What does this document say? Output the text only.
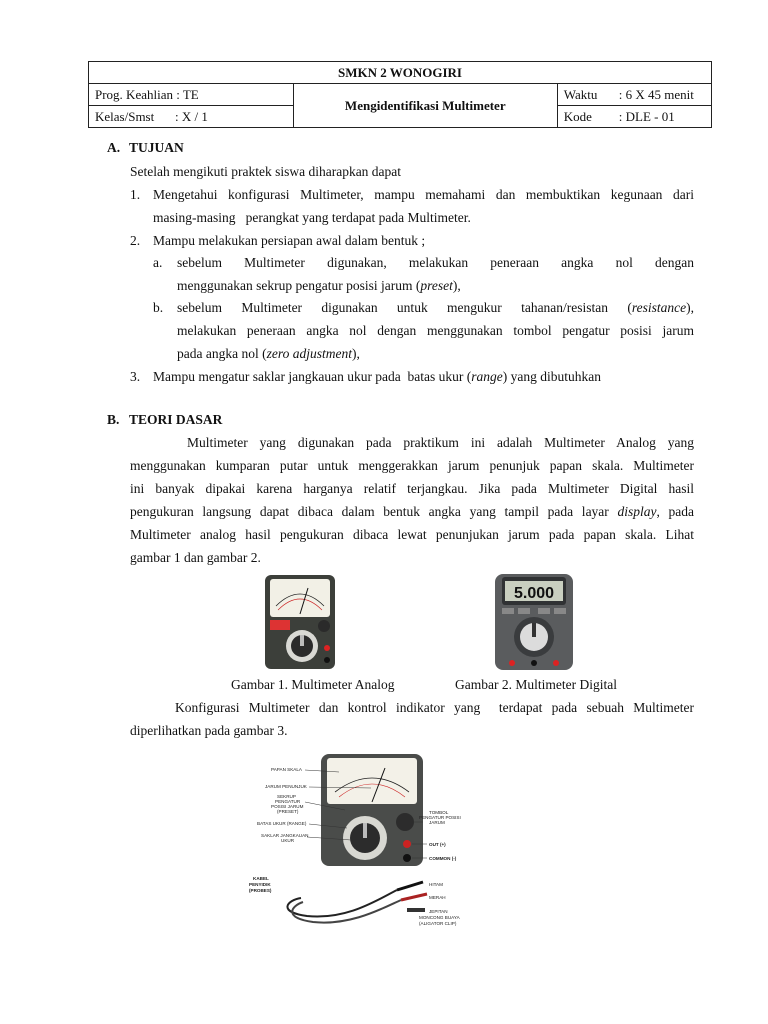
SMKN 2 WONOGIRI		
Prog. Keahlian : TE	Mengidentifikasi Multimeter	Waktu : 6 X 45 menit

Kelas/Smst : X / 1		Kode : DLE - 01
A. TUJUAN
Setelah mengikuti praktek siswa diharapkan dapat
1. Mengetahui konfigurasi Multimeter, mampu memahami dan membuktikan kegunaan dari
masing-masing   perangkat yang terdapat pada Multimeter.
2. Mampu melakukan persiapan awal dalam bentuk ;
a. sebelum Multimeter digunakan, melakukan peneraan angka nol dengan
menggunakan sekrup pengatur posisi jarum (preset),
b. sebelum Multimeter digunakan untuk mengukur tahanan/resistan (resistance),
melakukan peneraan angka nol dengan menggunakan tombol pengatur posisi jarum
pada angka nol (zero adjustment),
3. Mampu mengatur saklar jangkauan ukur pada  batas ukur (range) yang dibutuhkan
B. TEORI DASAR
Multimeter yang digunakan pada praktikum ini adalah Multimeter Analog yang
menggunakan kumparan putar untuk menggerakkan jarum penunjuk papan skala. Multimeter
ini banyak dipakai karena harganya relatif terjangkau. Jika pada Multimeter Digital hasil
pengukuran langsung dapat dibaca dalam bentuk angka yang tampil pada layar display, pada
Multimeter analog hasil pengukuran dibaca lewat penunjukan jarum pada papan skala. Lihat
gambar 1 dan gambar 2.
5.000
Gambar 1. Multimeter Analog	Gambar 2. Multimeter Digital
Konfigurasi Multimeter dan kontrol indikator yang  terdapat pada sebuah Multimeter
diperlihatkan pada gambar 3.
PAPAN SKALA
JARUM PENUNJUK
SEKRUP
PENGATUR
POSISI JARUM
(PRESET)
BATAS UKUR (RANGE)
SAKLAR JANGKAUAN
UKUR
TOMBOL
PENGATUR POSISI
JARUM
OUT (+)
COMMON (-)
KABEL
PENYIDIK
(PROBES)
HITAM
MERAH
JEPITAN
MONCONG BUAYA
(ALIGATOR CLIP)
